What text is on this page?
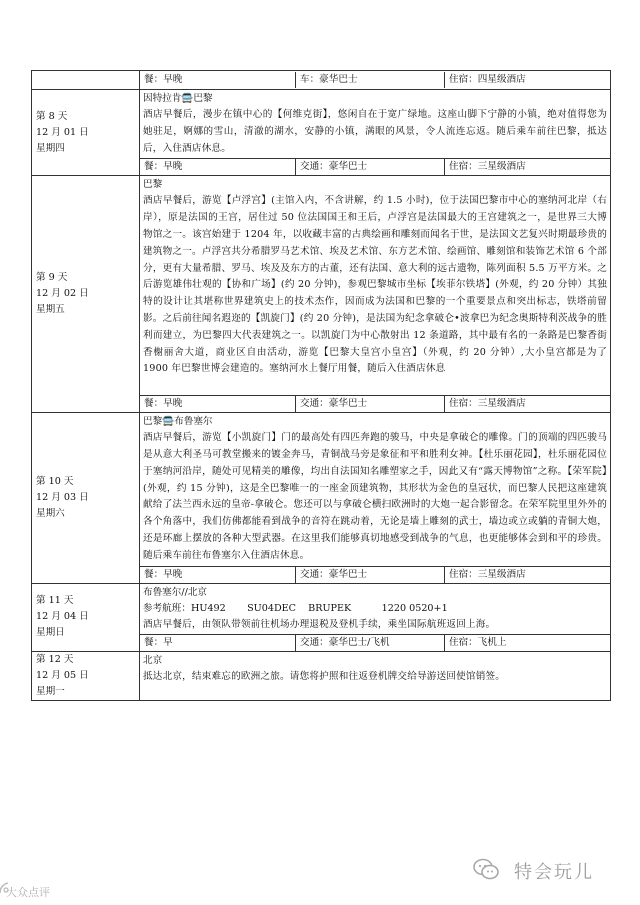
餐：早晚	车：豪华巴士	住宿：四星级酒店

第 8 天
12 月 01 日
星期四

因特拉肯🚍巴黎
酒店早餐后，漫步在镇中心的【何维克街】，悠闲自在于宽广绿地。这座山脚下宁静的小镇，绝对值得您为她驻足，婀娜的雪山，清澈的湖水，安静的小镇，满眼的风景，令人流连忘返。随后乘车前往巴黎，抵达后，入住酒店休息。

餐：早晚	交通：豪华巴士	住宿：三星级酒店

第 9 天
12 月 02 日
星期五

巴黎
酒店早餐后，游览【卢浮宫】(主馆入内，不含讲解，约 1.5 小时)，位于法国巴黎市中心的塞纳河北岸（右岸），原是法国的王宫，居住过 50 位法国国王和王后，卢浮宫是法国最大的王宫建筑之一，是世界三大博物馆之一。该宫始建于 1204 年，以收藏丰富的古典绘画和雕刻而闻名于世，是法国文艺复兴时期最珍贵的建筑物之一。卢浮宫共分希腊罗马艺术馆、埃及艺术馆、东方艺术馆、绘画馆、雕刻馆和装饰艺术馆 6 个部分，更有大量希腊、罗马、埃及及东方的古董，还有法国、意大利的远古遗物，陈列面积 5.5 万平方米。之后游览雄伟壮观的【协和广场】(约 20 分钟)，参观巴黎城市坐标【埃菲尔铁塔】(外观，约 20 分钟）其独特的设计让其堪称世界建筑史上的技术杰作，因而成为法国和巴黎的一个重要景点和突出标志，铁塔前留影。之后前往闻名遐迩的【凯旋门】(约 20 分钟)，是法国为纪念拿破仑•波拿巴为纪念奥斯特利茨战争的胜利而建立，为巴黎四大代表建筑之一。以凯旋门为中心散射出 12 条道路，其中最有名的一条路是巴黎香街香榭丽舍大道，商业区自由活动，游览【巴黎大皇宫小皇宫】（外观，约 20 分钟）,大小皇宫都是为了 1900 年巴黎世博会建造的。塞纳河水上餐厅用餐，随后入住酒店休息

餐：早晚	交通：豪华巴士	住宿：三星级酒店

第 10 天
12 月 03 日
星期六

巴黎🚍布鲁塞尔
酒店早餐后，游览【小凯旋门】门的最高处有四匹奔跑的骏马，中央是拿破仑的雕像。门的顶端的四匹骏马是从意大利圣马可教堂搬来的镀金奔马，青铜战马旁是象征和平和胜利女神。【杜乐丽花园】，杜乐丽花园位于塞纳河沿岸，随处可见精美的雕像，均出自法国知名雕塑家之手，因此又有“露天博物馆”之称。【荣军院】(外观，约 15 分钟)，这是全巴黎唯一的一座金顶建筑物，其形状为金色的皇冠状，而巴黎人民把这座建筑献给了法兰西永远的皇帝-拿破仑。您还可以与拿破仑横扫欧洲时的大炮一起合影留念。在荣军院里里外外的各个角落中，我们仿佛都能看到战争的音符在跳动着，无论是墙上雕刻的武士，墙边或立或躺的青铜大炮，还是环廊上摆放的各种大型武器。在这里我们能够真切地感受到战争的气息，也更能够体会到和平的珍贵。随后乘车前往布鲁塞尔入住酒店休息。

餐：早晚	交通：豪华巴士	住宿：三星级酒店

第 11 天
12 月 04 日
星期日

布鲁塞尔//北京
参考航班：HU492       SU04DEC    BRUPEK          1220 0520+1
酒店早餐后，由领队带领前往机场办理退税及登机手续，乘坐国际航班返回上海。

餐：早	交通：豪华巴士/飞机	住宿：飞机上

第 12 天
12 月 05 日
星期一

北京
抵达北京，结束难忘的欧洲之旅。请您将护照和往返登机牌交给导游送回使馆销签。
特会玩儿
大众点评
